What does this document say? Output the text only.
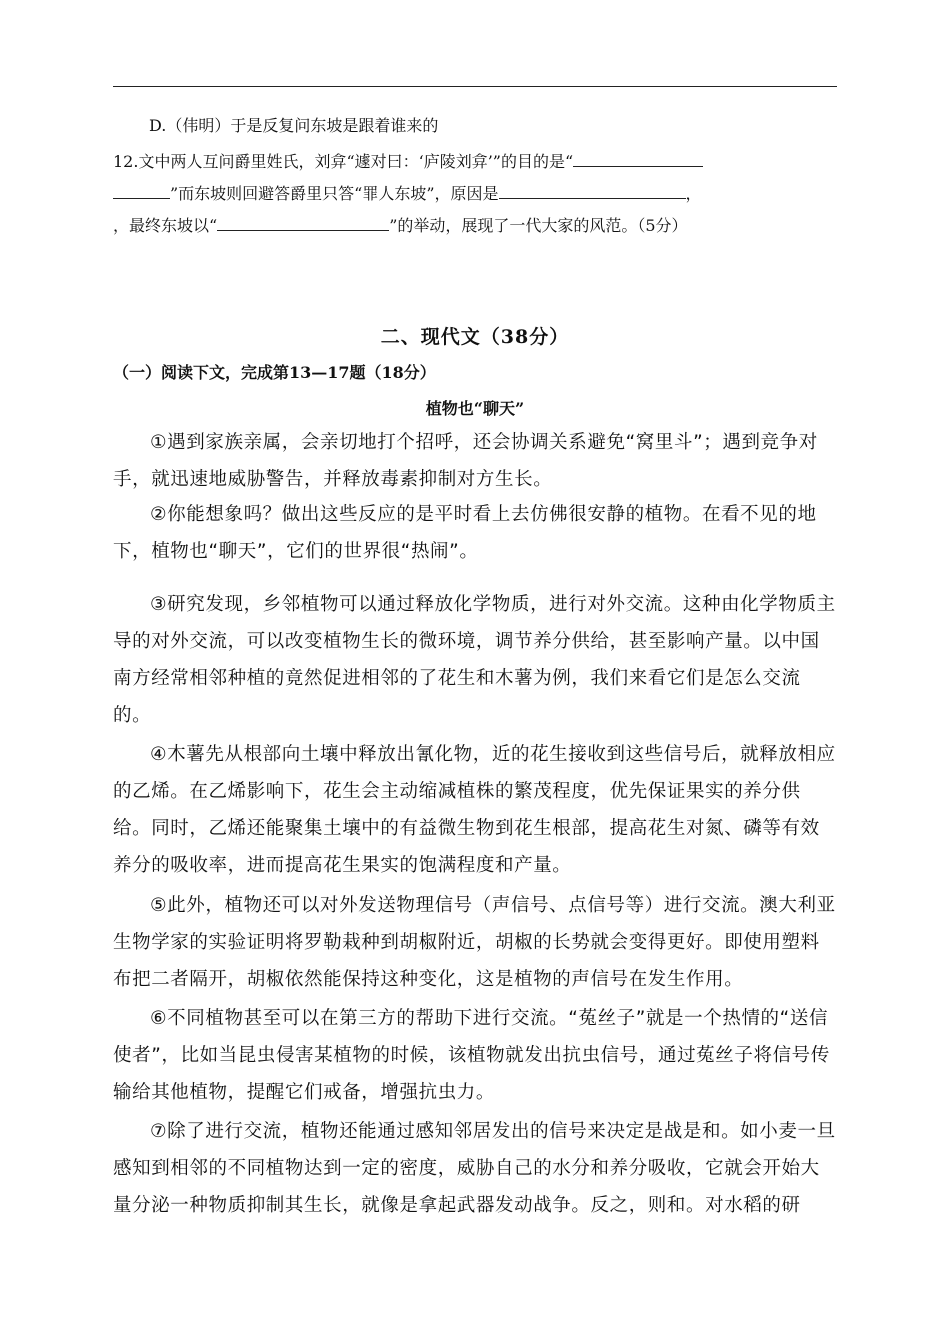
D.（伟明）于是反复问东坡是跟着谁来的
12.文中两人互问爵里姓氏，刘弇“遽对曰：‘庐陵刘弇’”的目的是“
”而东坡则回避答爵里只答“罪人东坡”，原因是	，
，最终东坡以“	”的举动，展现了一代大家的风范。（5分）
二、现代文（38分）
（一）阅读下文，完成第13—17题（18分）
植物也“聊天”

①遇到家族亲属，会亲切地打个招呼，还会协调关系避免“窝里斗”；遇到竞争对手，就迅速地威胁警告，并释放毒素抑制对方生长。

②你能想象吗？做出这些反应的是平时看上去仿佛很安静的植物。在看不见的地下，植物也“聊天”，它们的世界很“热闹”。

③研究发现，乡邻植物可以通过释放化学物质，进行对外交流。这种由化学物质主导的对外交流，可以改变植物生长的微环境，调节养分供给，甚至影响产量。以中国南方经常相邻种植的竟然促进相邻的了花生和木薯为例，我们来看它们是怎么交流的。

④木薯先从根部向土壤中释放出氰化物，近的花生接收到这些信号后，就释放相应的乙烯。在乙烯影响下，花生会主动缩减植株的繁茂程度，优先保证果实的养分供给。同时，乙烯还能聚集土壤中的有益微生物到花生根部，提高花生对氮、磷等有效养分的吸收率，进而提高花生果实的饱满程度和产量。

⑤此外，植物还可以对外发送物理信号（声信号、点信号等）进行交流。澳大利亚生物学家的实验证明将罗勒栽种到胡椒附近，胡椒的长势就会变得更好。即使用塑料布把二者隔开，胡椒依然能保持这种变化，这是植物的声信号在发生作用。

⑥不同植物甚至可以在第三方的帮助下进行交流。“菟丝子”就是一个热情的“送信使者”，比如当昆虫侵害某植物的时候，该植物就发出抗虫信号，通过菟丝子将信号传输给其他植物，提醒它们戒备，增强抗虫力。

⑦除了进行交流，植物还能通过感知邻居发出的信号来决定是战是和。如小麦一旦感知到相邻的不同植物达到一定的密度，威胁自己的水分和养分吸收，它就会开始大量分泌一种物质抑制其生长，就像是拿起武器发动战争。反之，则和。对水稻的研
